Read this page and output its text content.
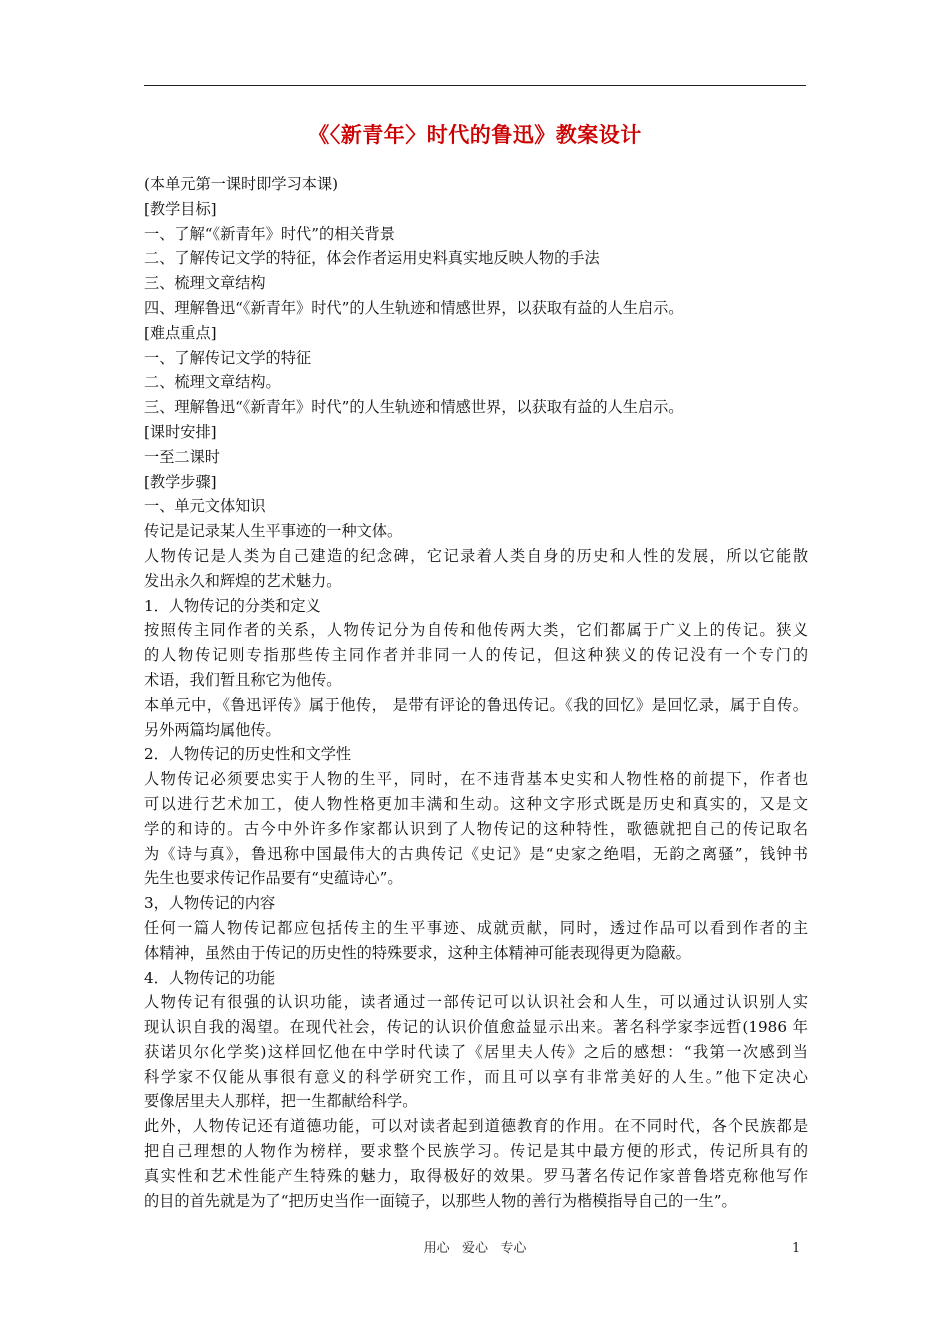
《〈新青年〉时代的鲁迅》教案设计
(本单元第一课时即学习本课)
[教学目标]
一、了解“《新青年》时代”的相关背景
二、了解传记文学的特征，体会作者运用史料真实地反映人物的手法
三、梳理文章结构
四、理解鲁迅“《新青年》时代”的人生轨迹和情感世界，以获取有益的人生启示。
[难点重点]
一、了解传记文学的特征
二、梳理文章结构。
三、理解鲁迅“《新青年》时代”的人生轨迹和情感世界，以获取有益的人生启示。
[课时安排]
一至二课时
[教学步骤]
一、单元文体知识
传记是记录某人生平事迹的一种文体。
人物传记是人类为自己建造的纪念碑，它记录着人类自身的历史和人性的发展，所以它能散
发出永久和辉煌的艺术魅力。
1．人物传记的分类和定义
按照传主同作者的关系，人物传记分为自传和他传两大类，它们都属于广义上的传记。狭义
的人物传记则专指那些传主同作者并非同一人的传记，但这种狭义的传记没有一个专门的
术语，我们暂且称它为他传。
本单元中，《鲁迅评传》属于他传， 是带有评论的鲁迅传记。《我的回忆》是回忆录，属于自传。
另外两篇均属他传。
2．人物传记的历史性和文学性
人物传记必须要忠实于人物的生平，同时，在不违背基本史实和人物性格的前提下，作者也
可以进行艺术加工，使人物性格更加丰满和生动。这种文字形式既是历史和真实的，又是文
学的和诗的。古今中外许多作家都认识到了人物传记的这种特性，歌德就把自己的传记取名
为《诗与真》，鲁迅称中国最伟大的古典传记《史记》是“史家之绝唱，无韵之离骚”，钱钟书
先生也要求传记作品要有“史蕴诗心”。
3，人物传记的内容
任何一篇人物传记都应包括传主的生平事迹、成就贡献，同时，透过作品可以看到作者的主
体精神，虽然由于传记的历史性的特殊要求，这种主体精神可能表现得更为隐蔽。
4．人物传记的功能
人物传记有很强的认识功能，读者通过一部传记可以认识社会和人生，可以通过认识别人实
现认识自我的渴望。在现代社会，传记的认识价值愈益显示出来。著名科学家李远哲(1986 年
获诺贝尔化学奖)这样回忆他在中学时代读了《居里夫人传》之后的感想：“我第一次感到当
科学家不仅能从事很有意义的科学研究工作，而且可以享有非常美好的人生。”他下定决心
要像居里夫人那样，把一生都献给科学。
此外，人物传记还有道德功能，可以对读者起到道德教育的作用。在不同时代，各个民族都是
把自己理想的人物作为榜样，要求整个民族学习。传记是其中最方便的形式，传记所具有的
真实性和艺术性能产生特殊的魅力，取得极好的效果。罗马著名传记作家普鲁塔克称他写作
的目的首先就是为了“把历史当作一面镜子，以那些人物的善行为楷模指导自己的一生”。
用心   爱心   专心	1
